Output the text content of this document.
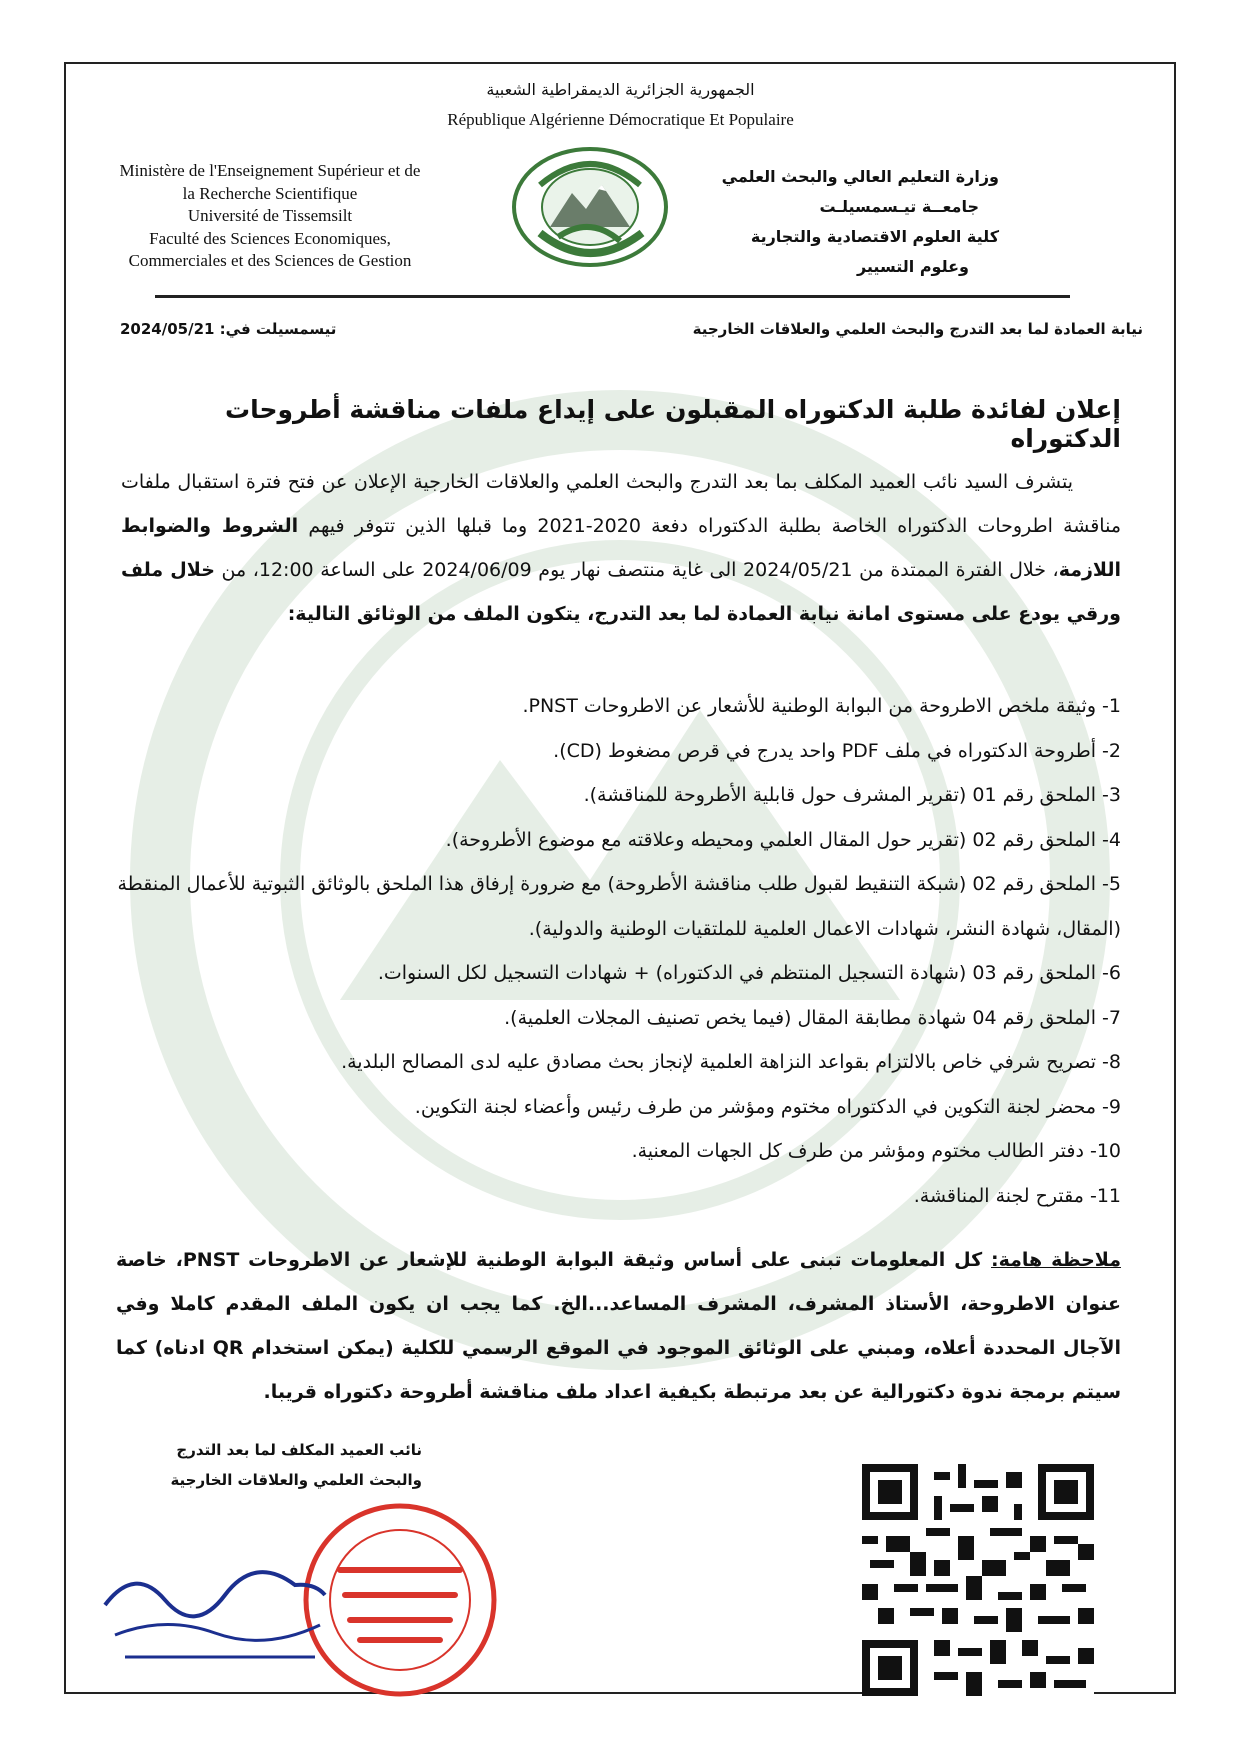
الجمهورية الجزائرية الديمقراطية الشعبية
République Algérienne Démocratique Et Populaire
Ministère de l'Enseignement Supérieur et de
la Recherche Scientifique
Université de Tissemsilt
Faculté des Sciences Economiques,
Commerciales et des Sciences de Gestion
وزارة التعليم العالي والبحث العلمي
جامعــة تيـسمسيلـت
كلية العلوم الاقتصادية والتجارية
وعلوم التسيير
نيابة العمادة لما بعد التدرج والبحث العلمي والعلاقات الخارجية
تيسمسيلت في: 2024/05/21
إعلان لفائدة طلبة الدكتوراه المقبلون على إيداع ملفات مناقشة أطروحات الدكتوراه

يتشرف السيد نائب العميد المكلف بما بعد التدرج والبحث العلمي والعلاقات الخارجية الإعلان عن فتح فترة استقبال ملفات مناقشة اطروحات الدكتوراه الخاصة بطلبة الدكتوراه دفعة 2020-2021 وما قبلها الذين تتوفر فيهم الشروط والضوابط اللازمة، خلال الفترة الممتدة من 2024/05/21 الى غاية منتصف نهار يوم 2024/06/09 على الساعة 12:00، من خلال ملف ورقي يودع على مستوى امانة نيابة العمادة لما بعد التدرج، يتكون الملف من الوثائق التالية:

1- وثيقة ملخص الاطروحة من البوابة الوطنية للأشعار عن الاطروحات PNST.
2- أطروحة الدكتوراه في ملف PDF واحد يدرج في قرص مضغوط (CD).
3- الملحق رقم 01 (تقرير المشرف حول قابلية الأطروحة للمناقشة).
4- الملحق رقم 02 (تقرير حول المقال العلمي ومحيطه وعلاقته مع موضوع الأطروحة).
5- الملحق رقم 02 (شبكة التنقيط لقبول طلب مناقشة الأطروحة) مع ضرورة إرفاق هذا الملحق بالوثائق الثبوتية للأعمال المنقطة (المقال، شهادة النشر، شهادات الاعمال العلمية للملتقيات الوطنية والدولية).
6- الملحق رقم 03 (شهادة التسجيل المنتظم في الدكتوراه) + شهادات التسجيل لكل السنوات.
7- الملحق رقم 04 شهادة مطابقة المقال (فيما يخص تصنيف المجلات العلمية).
8- تصريح شرفي خاص بالالتزام بقواعد النزاهة العلمية لإنجاز بحث مصادق عليه لدى المصالح البلدية.
9- محضر لجنة التكوين في الدكتوراه مختوم ومؤشر من طرف رئيس وأعضاء لجنة التكوين.
10- دفتر الطالب مختوم ومؤشر من طرف كل الجهات المعنية.
11- مقترح لجنة المناقشة.
ملاحظة هامة: كل المعلومات تبنى على أساس وثيقة البوابة الوطنية للإشعار عن الاطروحات PNST، خاصة عنوان الاطروحة، الأستاذ المشرف، المشرف المساعد...الخ. كما يجب ان يكون الملف المقدم كاملا وفي الآجال المحددة أعلاه، ومبني على الوثائق الموجود في الموقع الرسمي للكلية (يمكن استخدام QR ادناه) كما سيتم برمجة ندوة دكتورالية عن بعد مرتبطة بكيفية اعداد ملف مناقشة أطروحة دكتوراه قريبا.
نائب العميد المكلف لما بعد التدرج
والبحث العلمي والعلاقات الخارجية
